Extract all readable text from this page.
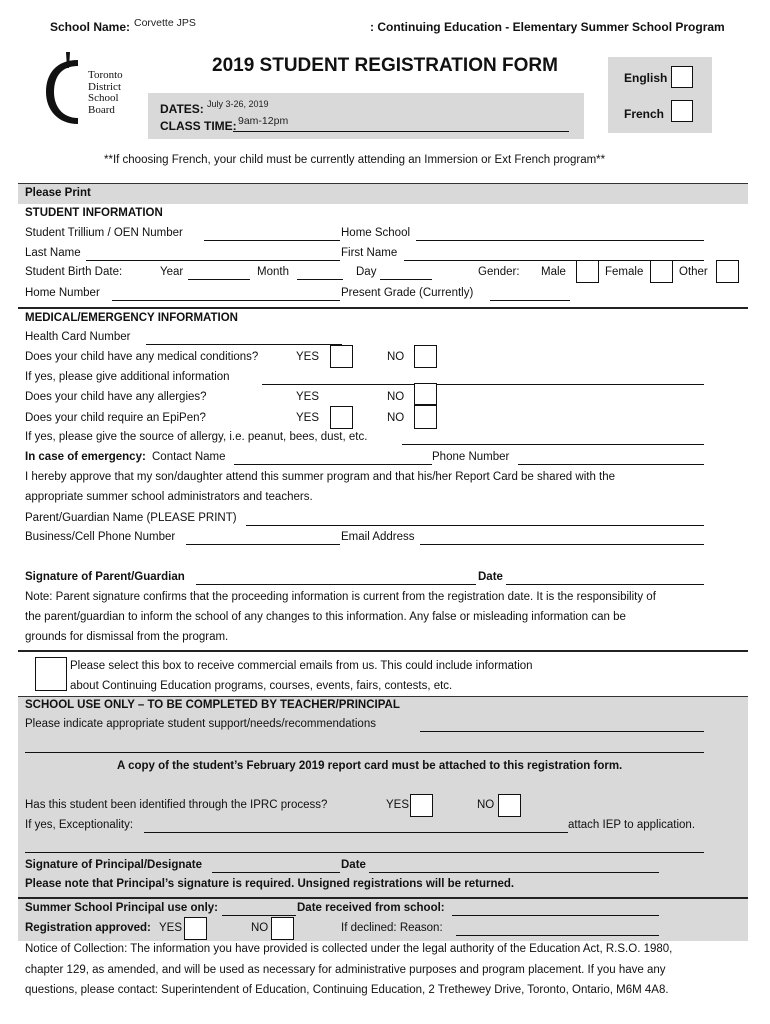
School Name: Corvette JPS	: Continuing Education - Elementary Summer School Program
Toronto
District
School
Board
2019 STUDENT REGISTRATION FORM
DATES: July 3-26, 2019
CLASS TIME: 9am-12pm
English
French
**If choosing French, your child must be currently attending an Immersion or Ext French program**
Please Print
STUDENT INFORMATION
Student Trillium / OEN Number	Home School
Last Name	First Name
Student Birth Date:	Year	Month	Day	Gender: Male	Female	Other
Home Number	Present Grade (Currently)
MEDICAL/EMERGENCY INFORMATION
Health Card Number
Does your child have any medical conditions?	YES	NO
If yes, please give additional information
Does your child have any allergies?	YES	NO
Does your child require an EpiPen?	YES	NO
If yes, please give the source of allergy, i.e. peanut, bees, dust, etc.
In case of emergency: Contact Name	Phone Number
I hereby approve that my son/daughter attend this summer program and that his/her Report Card be shared with the
appropriate summer school administrators and teachers.
Parent/Guardian Name (PLEASE PRINT)
Business/Cell Phone Number	Email Address
Signature of Parent/Guardian	Date
Note: Parent signature confirms that the proceeding information is current from the registration date. It is the responsibility of
the parent/guardian to inform the school of any changes to this information. Any false or misleading information can be
grounds for dismissal from the program.
Please select this box to receive commercial emails from us. This could include information
about Continuing Education programs, courses, events, fairs, contests, etc.
SCHOOL USE ONLY – TO BE COMPLETED BY TEACHER/PRINCIPAL
Please indicate appropriate student support/needs/recommendations
A copy of the student’s February 2019 report card must be attached to this registration form.
Has this student been identified through the IPRC process?	YES	NO
If yes, Exceptionality:	attach IEP to application.
Signature of Principal/Designate	Date
Please note that Principal’s signature is required. Unsigned registrations will be returned.
Summer School Principal use only:	Date received from school:
Registration approved: YES	NO	If declined: Reason:
Notice of Collection: The information you have provided is collected under the legal authority of the Education Act, R.S.O. 1980,
chapter 129, as amended, and will be used as necessary for administrative purposes and program placement. If you have any
questions, please contact: Superintendent of Education, Continuing Education, 2 Trethewey Drive, Toronto, Ontario, M6M 4A8.
